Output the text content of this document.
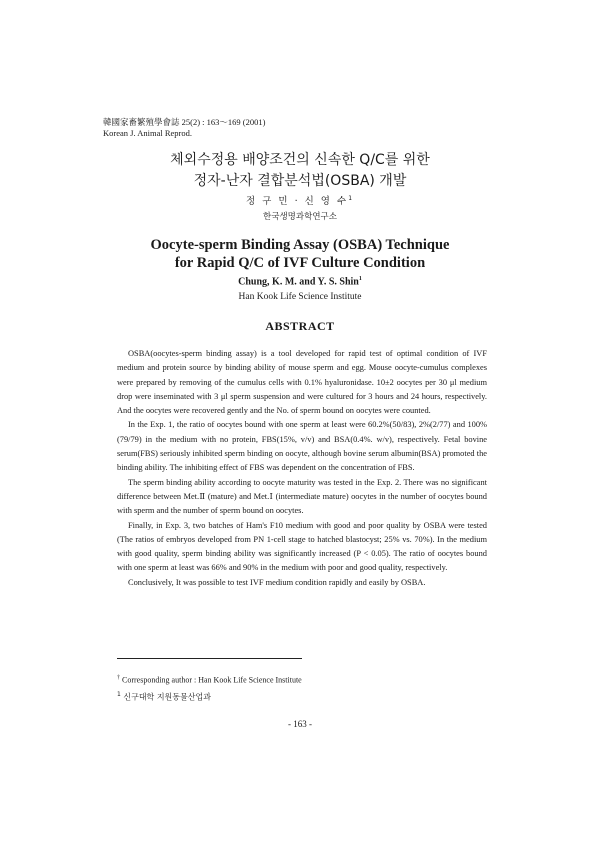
韓國家畜繁殖學會誌 25(2) : 163～169 (2001)
Korean J. Animal Reprod.
체외수정용 배양조건의 신속한 Q/C를 위한
정자-난자 결합분석법(OSBA) 개발
정 구 민 · 신 영 수$^1$
한국생명과학연구소
Oocyte-sperm Binding Assay (OSBA) Technique
for Rapid Q/C of IVF Culture Condition
Chung, K. M. and Y. S. Shin$^1$
Han Kook Life Science Institute
ABSTRACT

OSBA(oocytes-sperm binding assay) is a tool developed for rapid test of optimal condition of IVF medium and protein source by binding ability of mouse sperm and egg. Mouse oocyte-cumulus complexes were prepared by removing of the cumulus cells with 0.1% hyaluronidase. 10±2 oocytes per 30 μl medium drop were inseminated with 3 μl sperm suspension and were cultured for 3 hours and 24 hours, respectively. And the oocytes were recovered gently and the No. of sperm bound on oocytes were counted.

In the Exp. 1, the ratio of oocytes bound with one sperm at least were 60.2%(50/83), 2%(2/77) and 100%(79/79) in the medium with no protein, FBS(15%, v/v) and BSA(0.4%. w/v), respectively. Fetal bovine serum(FBS) seriously inhibited sperm binding on oocyte, although bovine serum albumin(BSA) promoted the binding ability. The inhibiting effect of FBS was dependent on the concentration of FBS.

The sperm binding ability according to oocyte maturity was tested in the Exp. 2. There was no significant difference between Met.Ⅱ (mature) and Met.Ⅰ (intermediate mature) oocytes in the number of oocytes bound with sperm and the number of sperm bound on oocytes.

Finally, in Exp. 3, two batches of Ham's F10 medium with good and poor quality by OSBA were tested (The ratios of embryos developed from PN 1-cell stage to hatched blastocyst; 25% vs. 70%). In the medium with good quality, sperm binding ability was significantly increased (P < 0.05). The ratio of oocytes bound with one sperm at least was 66% and 90% in the medium with poor and good quality, respectively.

Conclusively, It was possible to test IVF medium condition rapidly and easily by OSBA.

† Corresponding author : Han Kook Life Science Institute
$^1$ 신구대학 지원동물산업과
- 163 -
